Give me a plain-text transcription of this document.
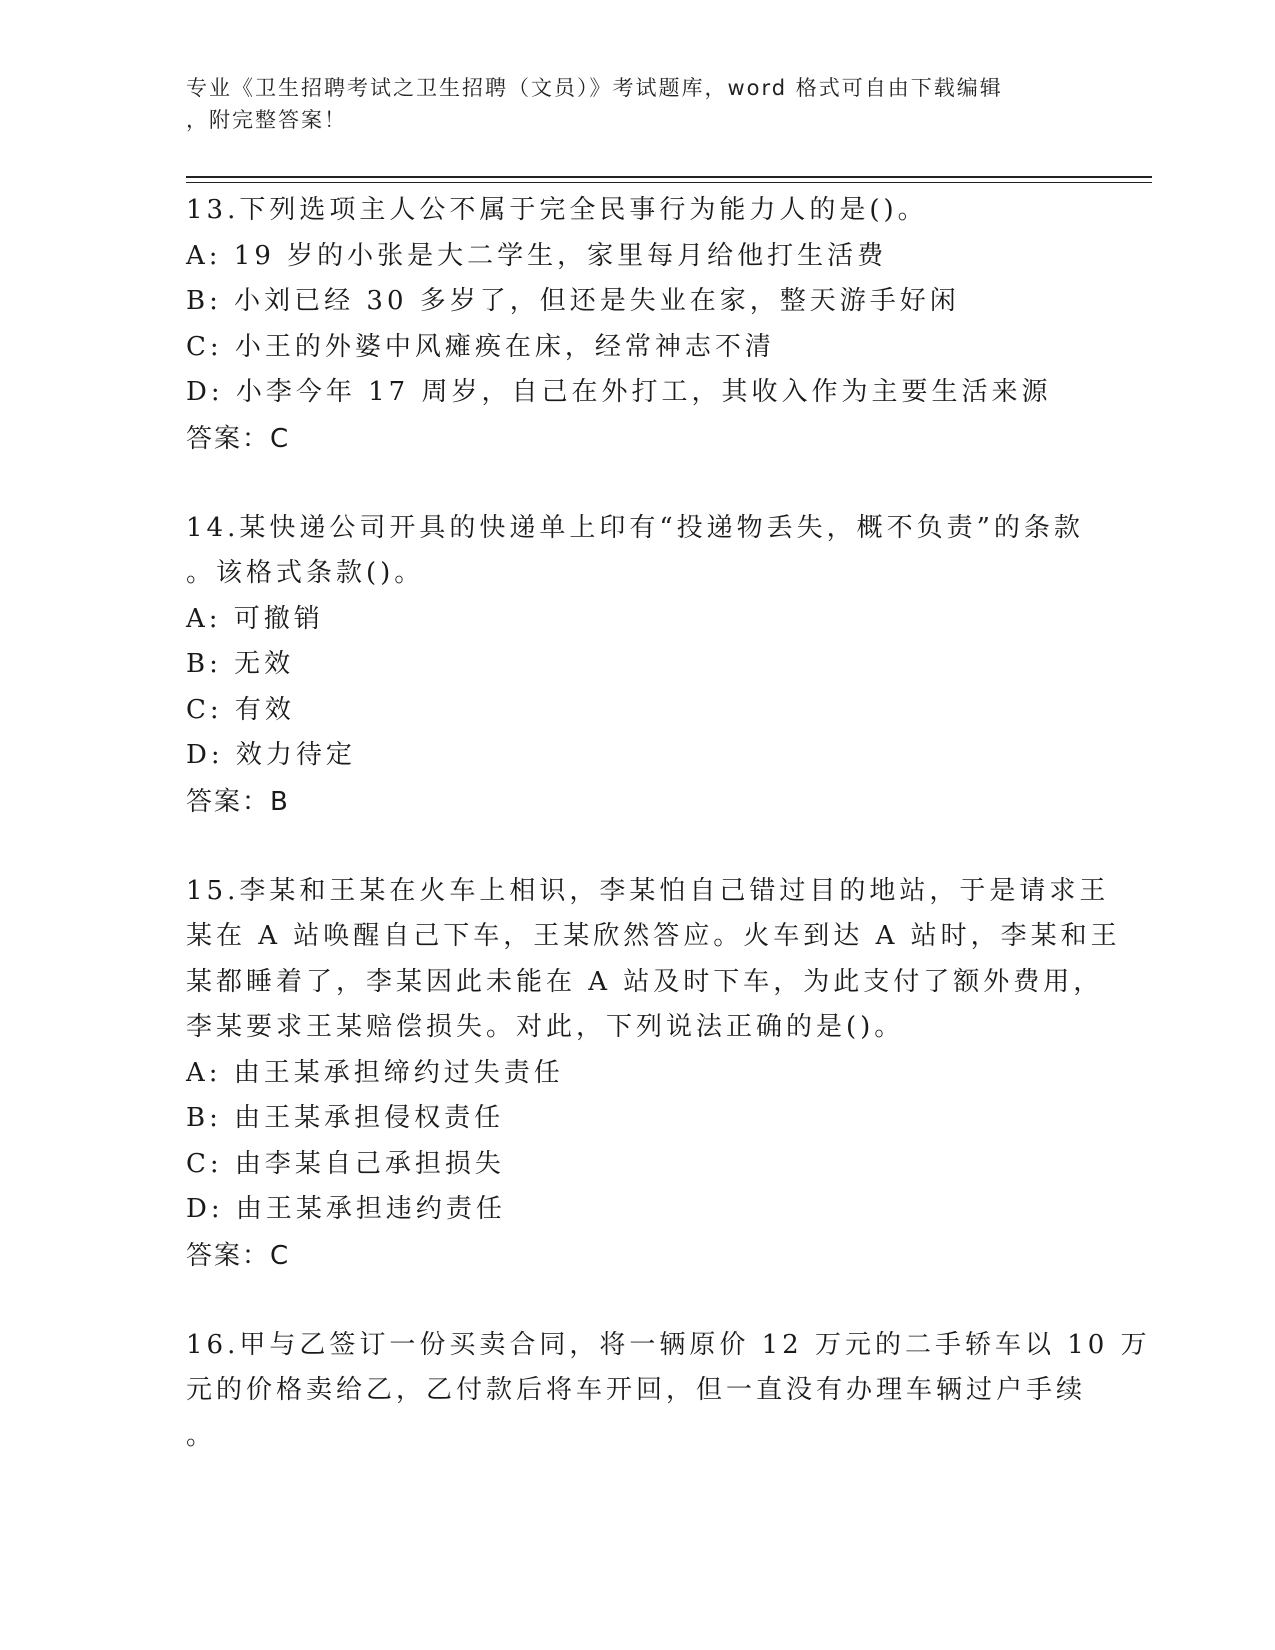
专业《卫生招聘考试之卫生招聘（文员）》考试题库，word 格式可自由下载编辑
，附完整答案！
13.下列选项主人公不属于完全民事行为能力人的是()。
A: 19 岁的小张是大二学生，家里每月给他打生活费
B: 小刘已经 30 多岁了，但还是失业在家，整天游手好闲
C: 小王的外婆中风瘫痪在床，经常神志不清
D: 小李今年 17 周岁，自己在外打工，其收入作为主要生活来源
答案：C
14.某快递公司开具的快递单上印有“投递物丢失，概不负责”的条款
。该格式条款()。
A: 可撤销
B: 无效
C: 有效
D: 效力待定
答案：B
15.李某和王某在火车上相识，李某怕自己错过目的地站，于是请求王
某在 A 站唤醒自己下车，王某欣然答应。火车到达 A 站时，李某和王
某都睡着了，李某因此未能在 A 站及时下车，为此支付了额外费用，
李某要求王某赔偿损失。对此，下列说法正确的是()。
A: 由王某承担缔约过失责任
B: 由王某承担侵权责任
C: 由李某自己承担损失
D: 由王某承担违约责任
答案：C
16.甲与乙签订一份买卖合同，将一辆原价 12 万元的二手轿车以 10 万
元的价格卖给乙，乙付款后将车开回，但一直没有办理车辆过户手续
。
